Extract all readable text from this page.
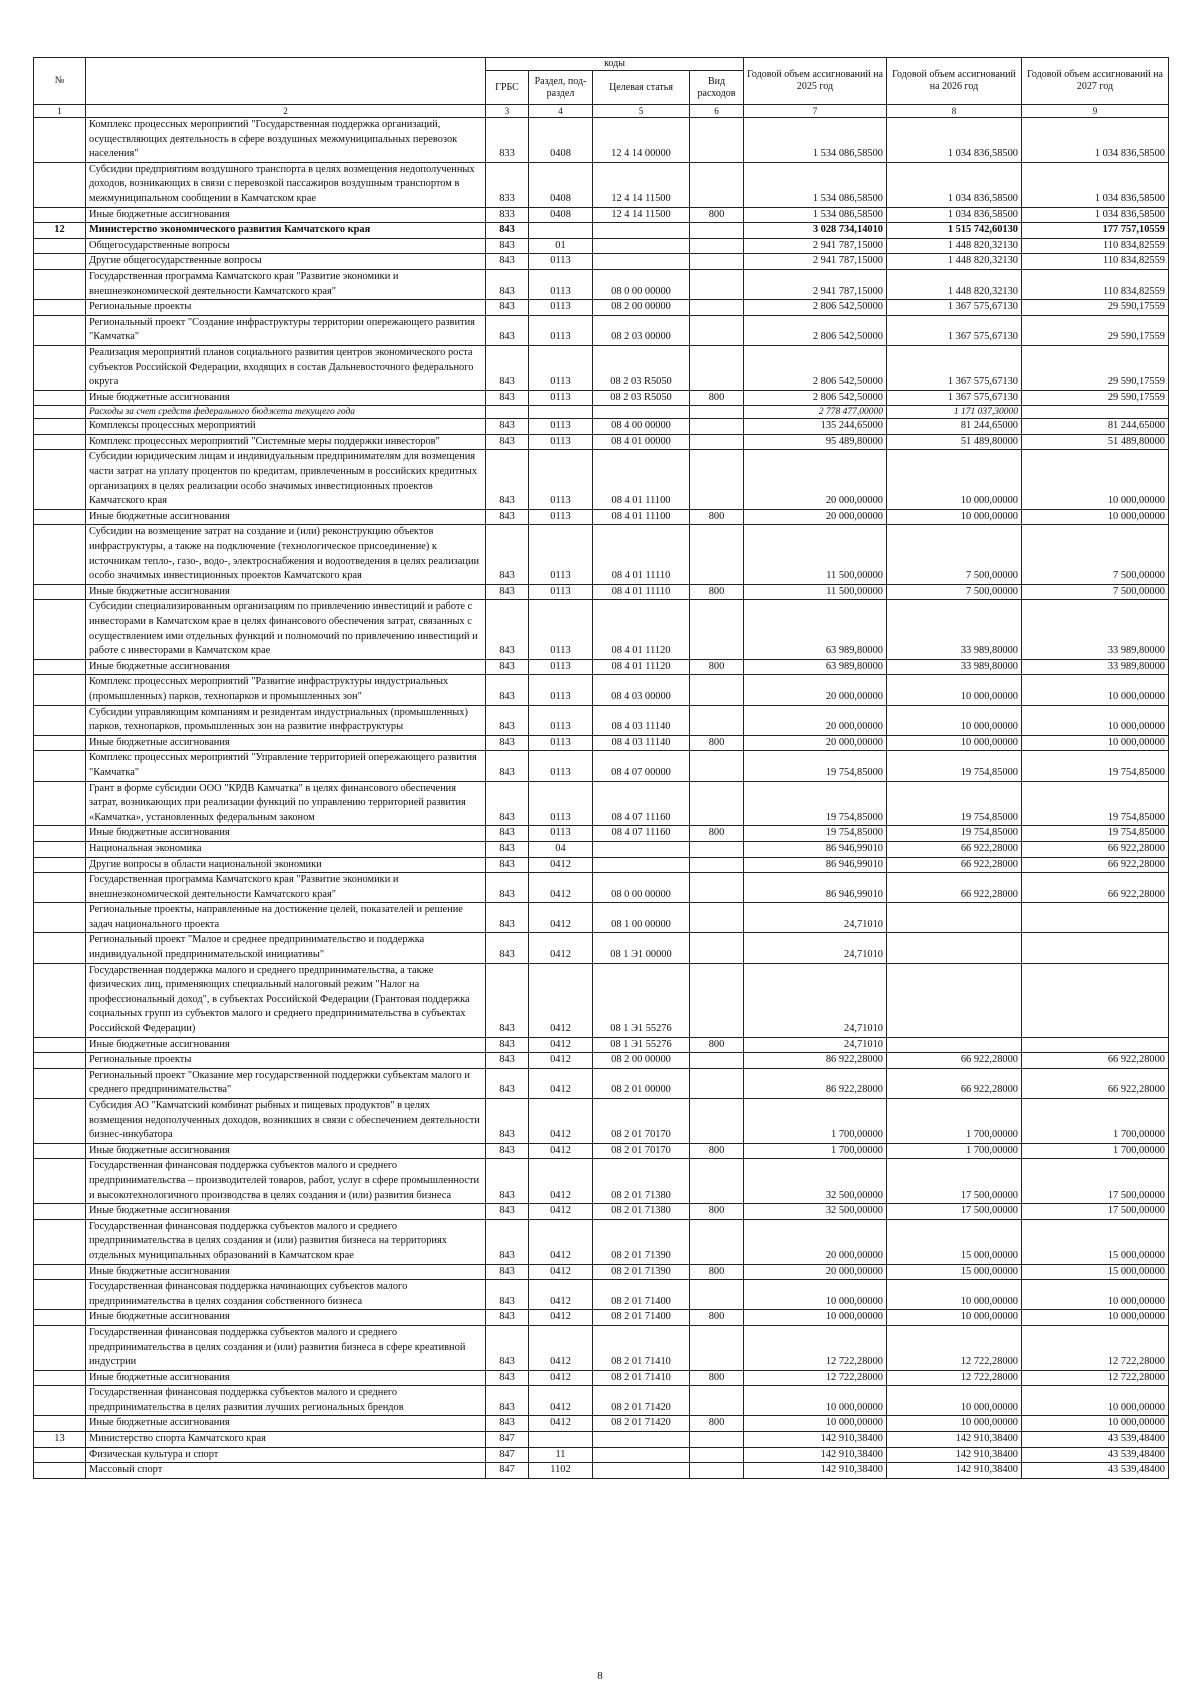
№		коды				Годовой объем ассигнований на 2025 год	Годовой объем ассигнований на 2026 год	Годовой объем ассигнований на 2027 год
		ГРБС	Раздел, под-раздел	Целевая статья	Вид расходов			
1	2	3	4	5	6	7	8	9
	Комплекс процессных мероприятий "Государственная поддержка организаций, осуществляющих деятельность в сфере воздушных межмуниципальных перевозок населения"	833	0408	12 4 14 00000		1 534 086,58500	1 034 836,58500	1 034 836,58500
	Субсидии предприятиям воздушного транспорта в целях возмещения недополученных доходов, возникающих в связи с перевозкой пассажиров воздушным транспортом в межмуниципальном сообщении в Камчатском крае	833	0408	12 4 14 11500		1 534 086,58500	1 034 836,58500	1 034 836,58500
	Иные бюджетные ассигнования	833	0408	12 4 14 11500	800	1 534 086,58500	1 034 836,58500	1 034 836,58500
12	Министерство экономического развития Камчатского края	843				3 028 734,14010	1 515 742,60130	177 757,10559
	Общегосударственные вопросы	843	01			2 941 787,15000	1 448 820,32130	110 834,82559
	Другие общегосударственные вопросы	843	0113			2 941 787,15000	1 448 820,32130	110 834,82559
	Государственная программа Камчатского края "Развитие экономики и внешнеэкономической деятельности Камчатского края"	843	0113	08 0 00 00000		2 941 787,15000	1 448 820,32130	110 834,82559
	Региональные проекты	843	0113	08 2 00 00000		2 806 542,50000	1 367 575,67130	29 590,17559
	Региональный проект "Создание инфраструктуры территории опережающего развития "Камчатка"	843	0113	08 2 03 00000		2 806 542,50000	1 367 575,67130	29 590,17559
	Реализация мероприятий планов социального развития центров экономического роста субъектов Российской Федерации, входящих в состав Дальневосточного федерального округа	843	0113	08 2 03 R5050		2 806 542,50000	1 367 575,67130	29 590,17559
	Иные бюджетные ассигнования	843	0113	08 2 03 R5050	800	2 806 542,50000	1 367 575,67130	29 590,17559
	Расходы за счет средств федерального бюджета текущего года					2 778 477,00000	1 171 037,30000	
	Комплексы процессных мероприятий	843	0113	08 4 00 00000		135 244,65000	81 244,65000	81 244,65000
	Комплекс процессных мероприятий "Системные меры поддержки инвесторов"	843	0113	08 4 01 00000		95 489,80000	51 489,80000	51 489,80000
	Субсидии юридическим лицам и индивидуальным предпринимателям для возмещения части затрат на уплату процентов по кредитам, привлеченным в российских кредитных организациях в целях реализации особо значимых инвестиционных проектов Камчатского края	843	0113	08 4 01 11100		20 000,00000	10 000,00000	10 000,00000
	Иные бюджетные ассигнования	843	0113	08 4 01 11100	800	20 000,00000	10 000,00000	10 000,00000
	Субсидии на возмещение затрат на создание и (или) реконструкцию объектов инфраструктуры, а также на подключение (технологическое присоединение) к источникам тепло-, газо-, водо-, электроснабжения и водоотведения в целях реализации особо значимых инвестиционных проектов Камчатского края	843	0113	08 4 01 11110		11 500,00000	7 500,00000	7 500,00000
	Иные бюджетные ассигнования	843	0113	08 4 01 11110	800	11 500,00000	7 500,00000	7 500,00000
	Субсидии специализированным организациям по привлечению инвестиций и работе с инвесторами в Камчатском крае в целях финансового обеспечения затрат, связанных с осуществлением ими отдельных функций и полномочий по привлечению инвестиций и работе с инвесторами в Камчатском крае	843	0113	08 4 01 11120		63 989,80000	33 989,80000	33 989,80000
	Иные бюджетные ассигнования	843	0113	08 4 01 11120	800	63 989,80000	33 989,80000	33 989,80000
	Комплекс процессных мероприятий "Развитие инфраструктуры индустриальных (промышленных) парков, технопарков и промышленных зон"	843	0113	08 4 03 00000		20 000,00000	10 000,00000	10 000,00000
	Субсидии управляющим компаниям и резидентам индустриальных (промышленных) парков, технопарков, промышленных зон на развитие инфраструктуры	843	0113	08 4 03 11140		20 000,00000	10 000,00000	10 000,00000
	Иные бюджетные ассигнования	843	0113	08 4 03 11140	800	20 000,00000	10 000,00000	10 000,00000
	Комплекс процессных мероприятий "Управление территорией опережающего развития "Камчатка"	843	0113	08 4 07 00000		19 754,85000	19 754,85000	19 754,85000
	Грант в форме субсидии ООО "КРДВ Камчатка" в целях финансового обеспечения затрат, возникающих при реализации функций по управлению территорией развития «Камчатка», установленных федеральным законом	843	0113	08 4 07 11160		19 754,85000	19 754,85000	19 754,85000
	Иные бюджетные ассигнования	843	0113	08 4 07 11160	800	19 754,85000	19 754,85000	19 754,85000
	Национальная экономика	843	04			86 946,99010	66 922,28000	66 922,28000
	Другие вопросы в области национальной экономики	843	0412			86 946,99010	66 922,28000	66 922,28000
	Государственная программа Камчатского края "Развитие экономики и внешнеэкономической деятельности Камчатского края"	843	0412	08 0 00 00000		86 946,99010	66 922,28000	66 922,28000
	Региональные проекты, направленные на достижение целей, показателей и решение задач национального проекта	843	0412	08 1 00 00000		24,71010		
	Региональный проект "Малое и среднее предпринимательство и поддержка индивидуальной предпринимательской инициативы"	843	0412	08 1 Э1 00000		24,71010		
	Государственная поддержка малого и среднего предпринимательства, а также физических лиц, применяющих специальный налоговый режим "Налог на профессиональный доход", в субъектах Российской Федерации (Грантовая поддержка социальных групп из субъектов малого и среднего предпринимательства в субъектах Российской Федерации)	843	0412	08 1 Э1 55276		24,71010		
	Иные бюджетные ассигнования	843	0412	08 1 Э1 55276	800	24,71010		
	Региональные проекты	843	0412	08 2 00 00000		86 922,28000	66 922,28000	66 922,28000
	Региональный проект "Оказание мер государственной поддержки субъектам малого и среднего предпринимательства"	843	0412	08 2 01 00000		86 922,28000	66 922,28000	66 922,28000
	Субсидия АО "Камчатский комбинат рыбных и пищевых продуктов" в целях возмещения недополученных доходов, возникших в связи с обеспечением деятельности бизнес-инкубатора	843	0412	08 2 01 70170		1 700,00000	1 700,00000	1 700,00000
	Иные бюджетные ассигнования	843	0412	08 2 01 70170	800	1 700,00000	1 700,00000	1 700,00000
	Государственная финансовая поддержка субъектов малого и среднего предпринимательства – производителей товаров, работ, услуг в сфере промышленности и высокотехнологичного производства в целях создания и (или) развития бизнеса	843	0412	08 2 01 71380		32 500,00000	17 500,00000	17 500,00000
	Иные бюджетные ассигнования	843	0412	08 2 01 71380	800	32 500,00000	17 500,00000	17 500,00000
	Государственная финансовая поддержка субъектов малого и среднего предпринимательства в целях создания и (или) развития бизнеса на территориях отдельных муниципальных образований в Камчатском крае	843	0412	08 2 01 71390		20 000,00000	15 000,00000	15 000,00000
	Иные бюджетные ассигнования	843	0412	08 2 01 71390	800	20 000,00000	15 000,00000	15 000,00000
	Государственная финансовая поддержка начинающих субъектов малого предпринимательства в целях создания собственного бизнеса	843	0412	08 2 01 71400		10 000,00000	10 000,00000	10 000,00000
	Иные бюджетные ассигнования	843	0412	08 2 01 71400	800	10 000,00000	10 000,00000	10 000,00000
	Государственная финансовая поддержка субъектов малого и среднего предпринимательства в целях создания и (или) развития бизнеса в сфере креативной индустрии	843	0412	08 2 01 71410		12 722,28000	12 722,28000	12 722,28000
	Иные бюджетные ассигнования	843	0412	08 2 01 71410	800	12 722,28000	12 722,28000	12 722,28000
	Государственная финансовая поддержка субъектов малого и среднего предпринимательства в целях развития лучших региональных брендов	843	0412	08 2 01 71420		10 000,00000	10 000,00000	10 000,00000
	Иные бюджетные ассигнования	843	0412	08 2 01 71420	800	10 000,00000	10 000,00000	10 000,00000
13	Министерство спорта Камчатского края	847				142 910,38400	142 910,38400	43 539,48400
	Физическая культура и спорт	847	11			142 910,38400	142 910,38400	43 539,48400
	Массовый спорт	847	1102			142 910,38400	142 910,38400	43 539,48400
8
